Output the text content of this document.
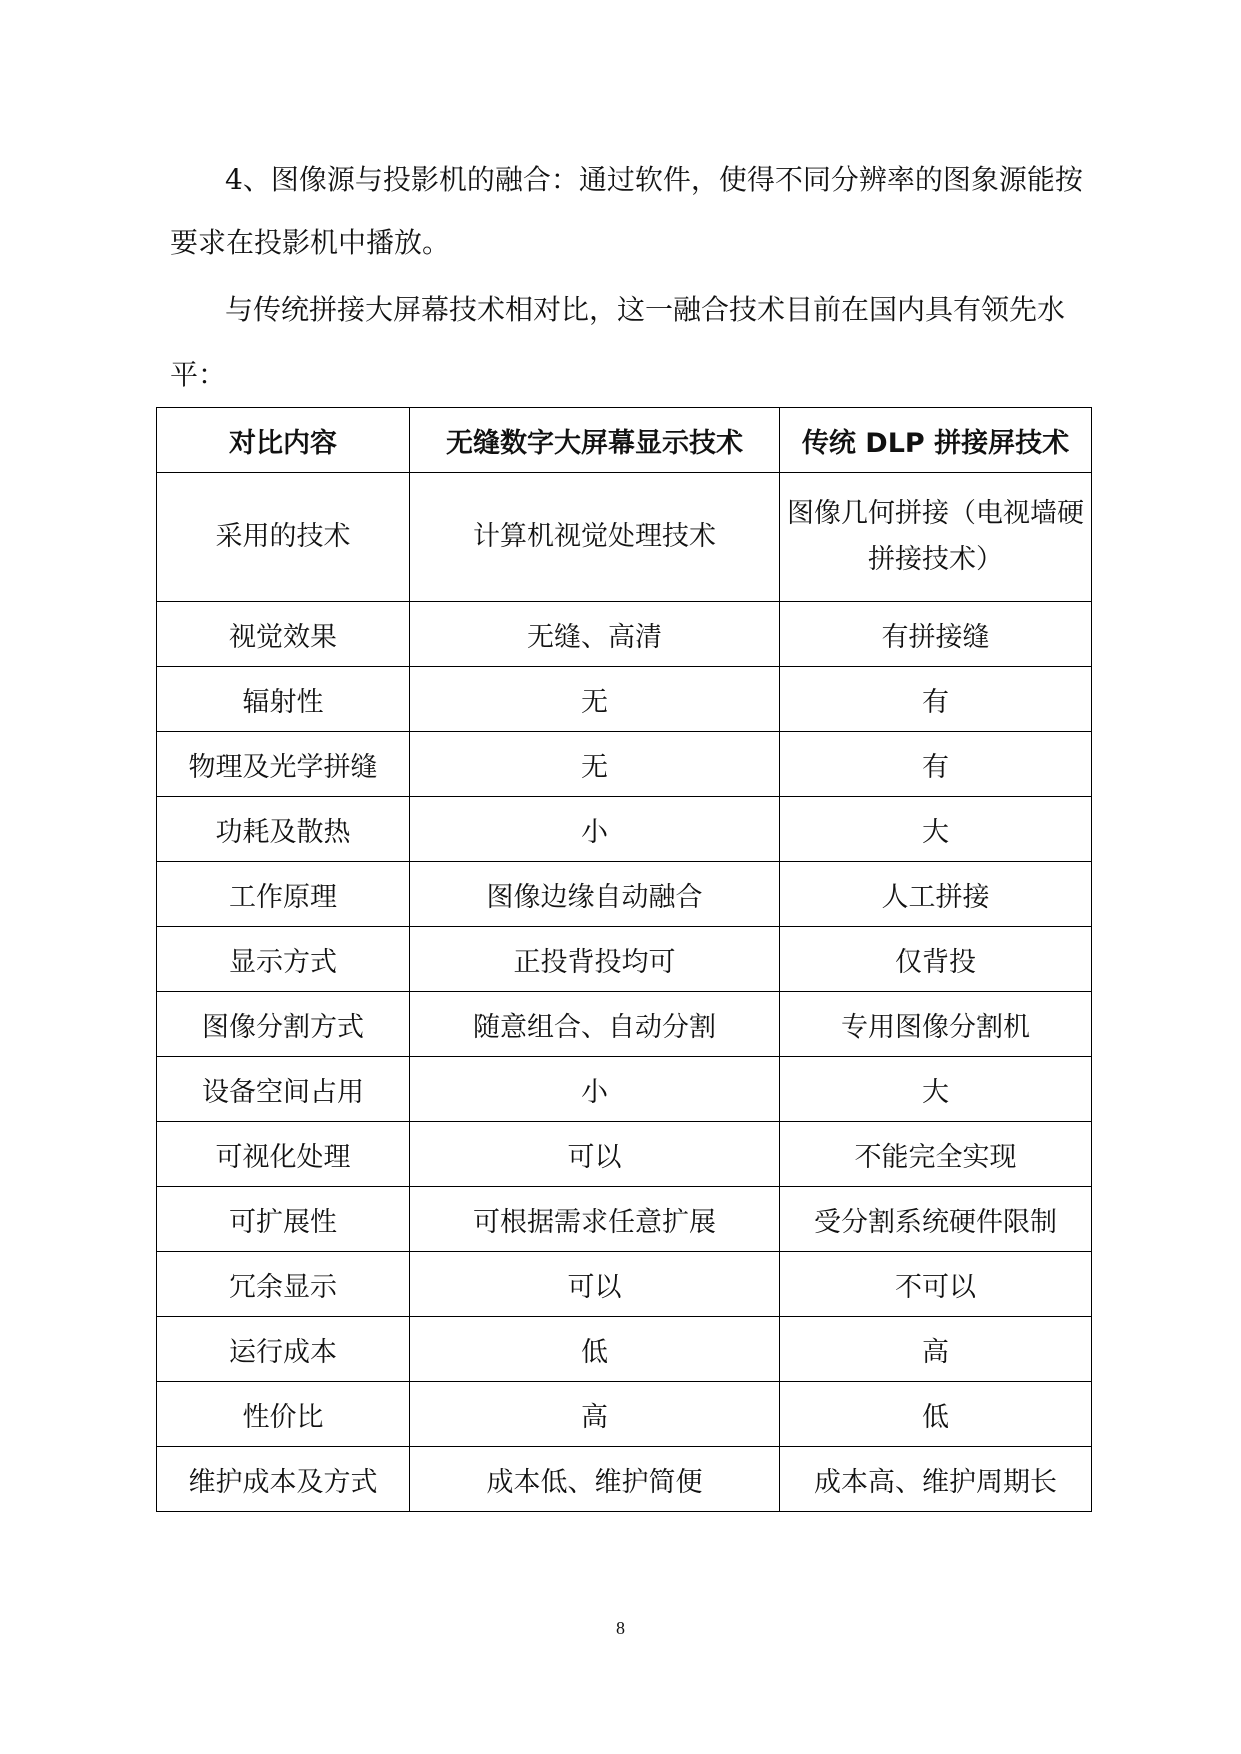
4、图像源与投影机的融合：通过软件，使得不同分辨率的图象源能按
要求在投影机中播放。
与传统拼接大屏幕技术相对比，这一融合技术目前在国内具有领先水
平：
对比内容	无缝数字大屏幕显示技术	传统 DLP 拼接屏技术
采用的技术	计算机视觉处理技术	图像几何拼接（电视墙硬拼接技术）
视觉效果	无缝、高清	有拼接缝
辐射性	无	有
物理及光学拼缝	无	有
功耗及散热	小	大
工作原理	图像边缘自动融合	人工拼接
显示方式	正投背投均可	仅背投
图像分割方式	随意组合、自动分割	专用图像分割机
设备空间占用	小	大
可视化处理	可以	不能完全实现
可扩展性	可根据需求任意扩展	受分割系统硬件限制
冗余显示	可以	不可以
运行成本	低	高
性价比	高	低
维护成本及方式	成本低、维护简便	成本高、维护周期长
8
